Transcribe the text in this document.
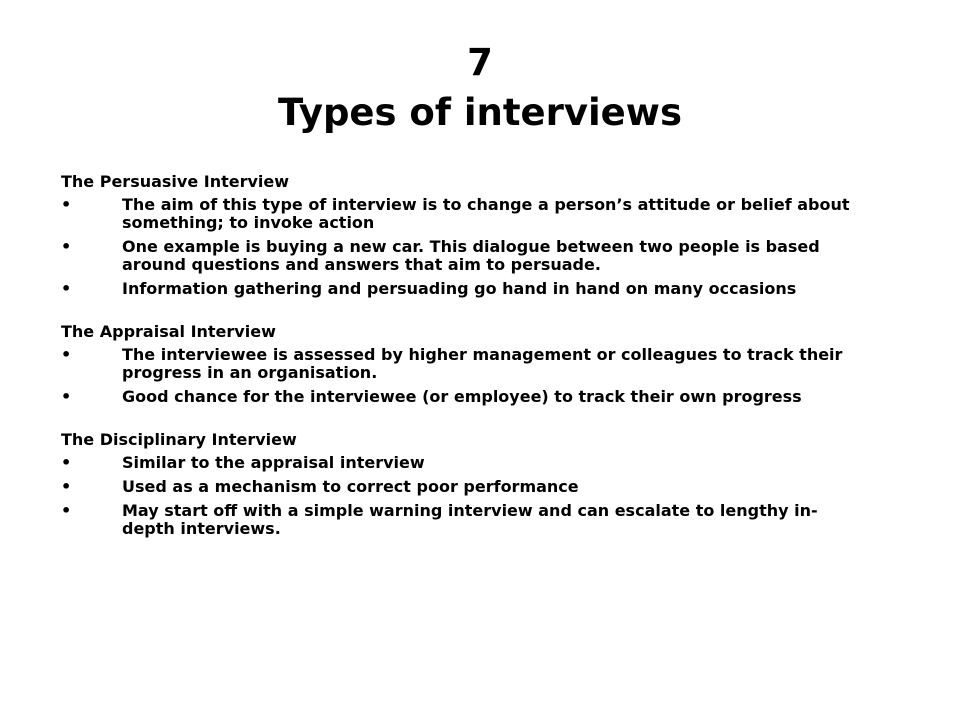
7
Types of interviews
The Persuasive Interview
•	The aim of this type of interview is to change a person’s attitude or belief about something; to invoke action
•	One example is buying a new car. This dialogue between two people is based around questions and answers that aim to persuade.
•	Information gathering and persuading go hand in hand on many occasions
The Appraisal Interview
•	The interviewee is assessed by higher management or colleagues to track their progress in an organisation.
•	Good chance for the interviewee (or employee) to track their own progress
The Disciplinary Interview
•	Similar to the appraisal interview
•	Used as a mechanism to correct poor performance
•	May start off with a simple warning interview and can escalate to lengthy in- depth interviews.
